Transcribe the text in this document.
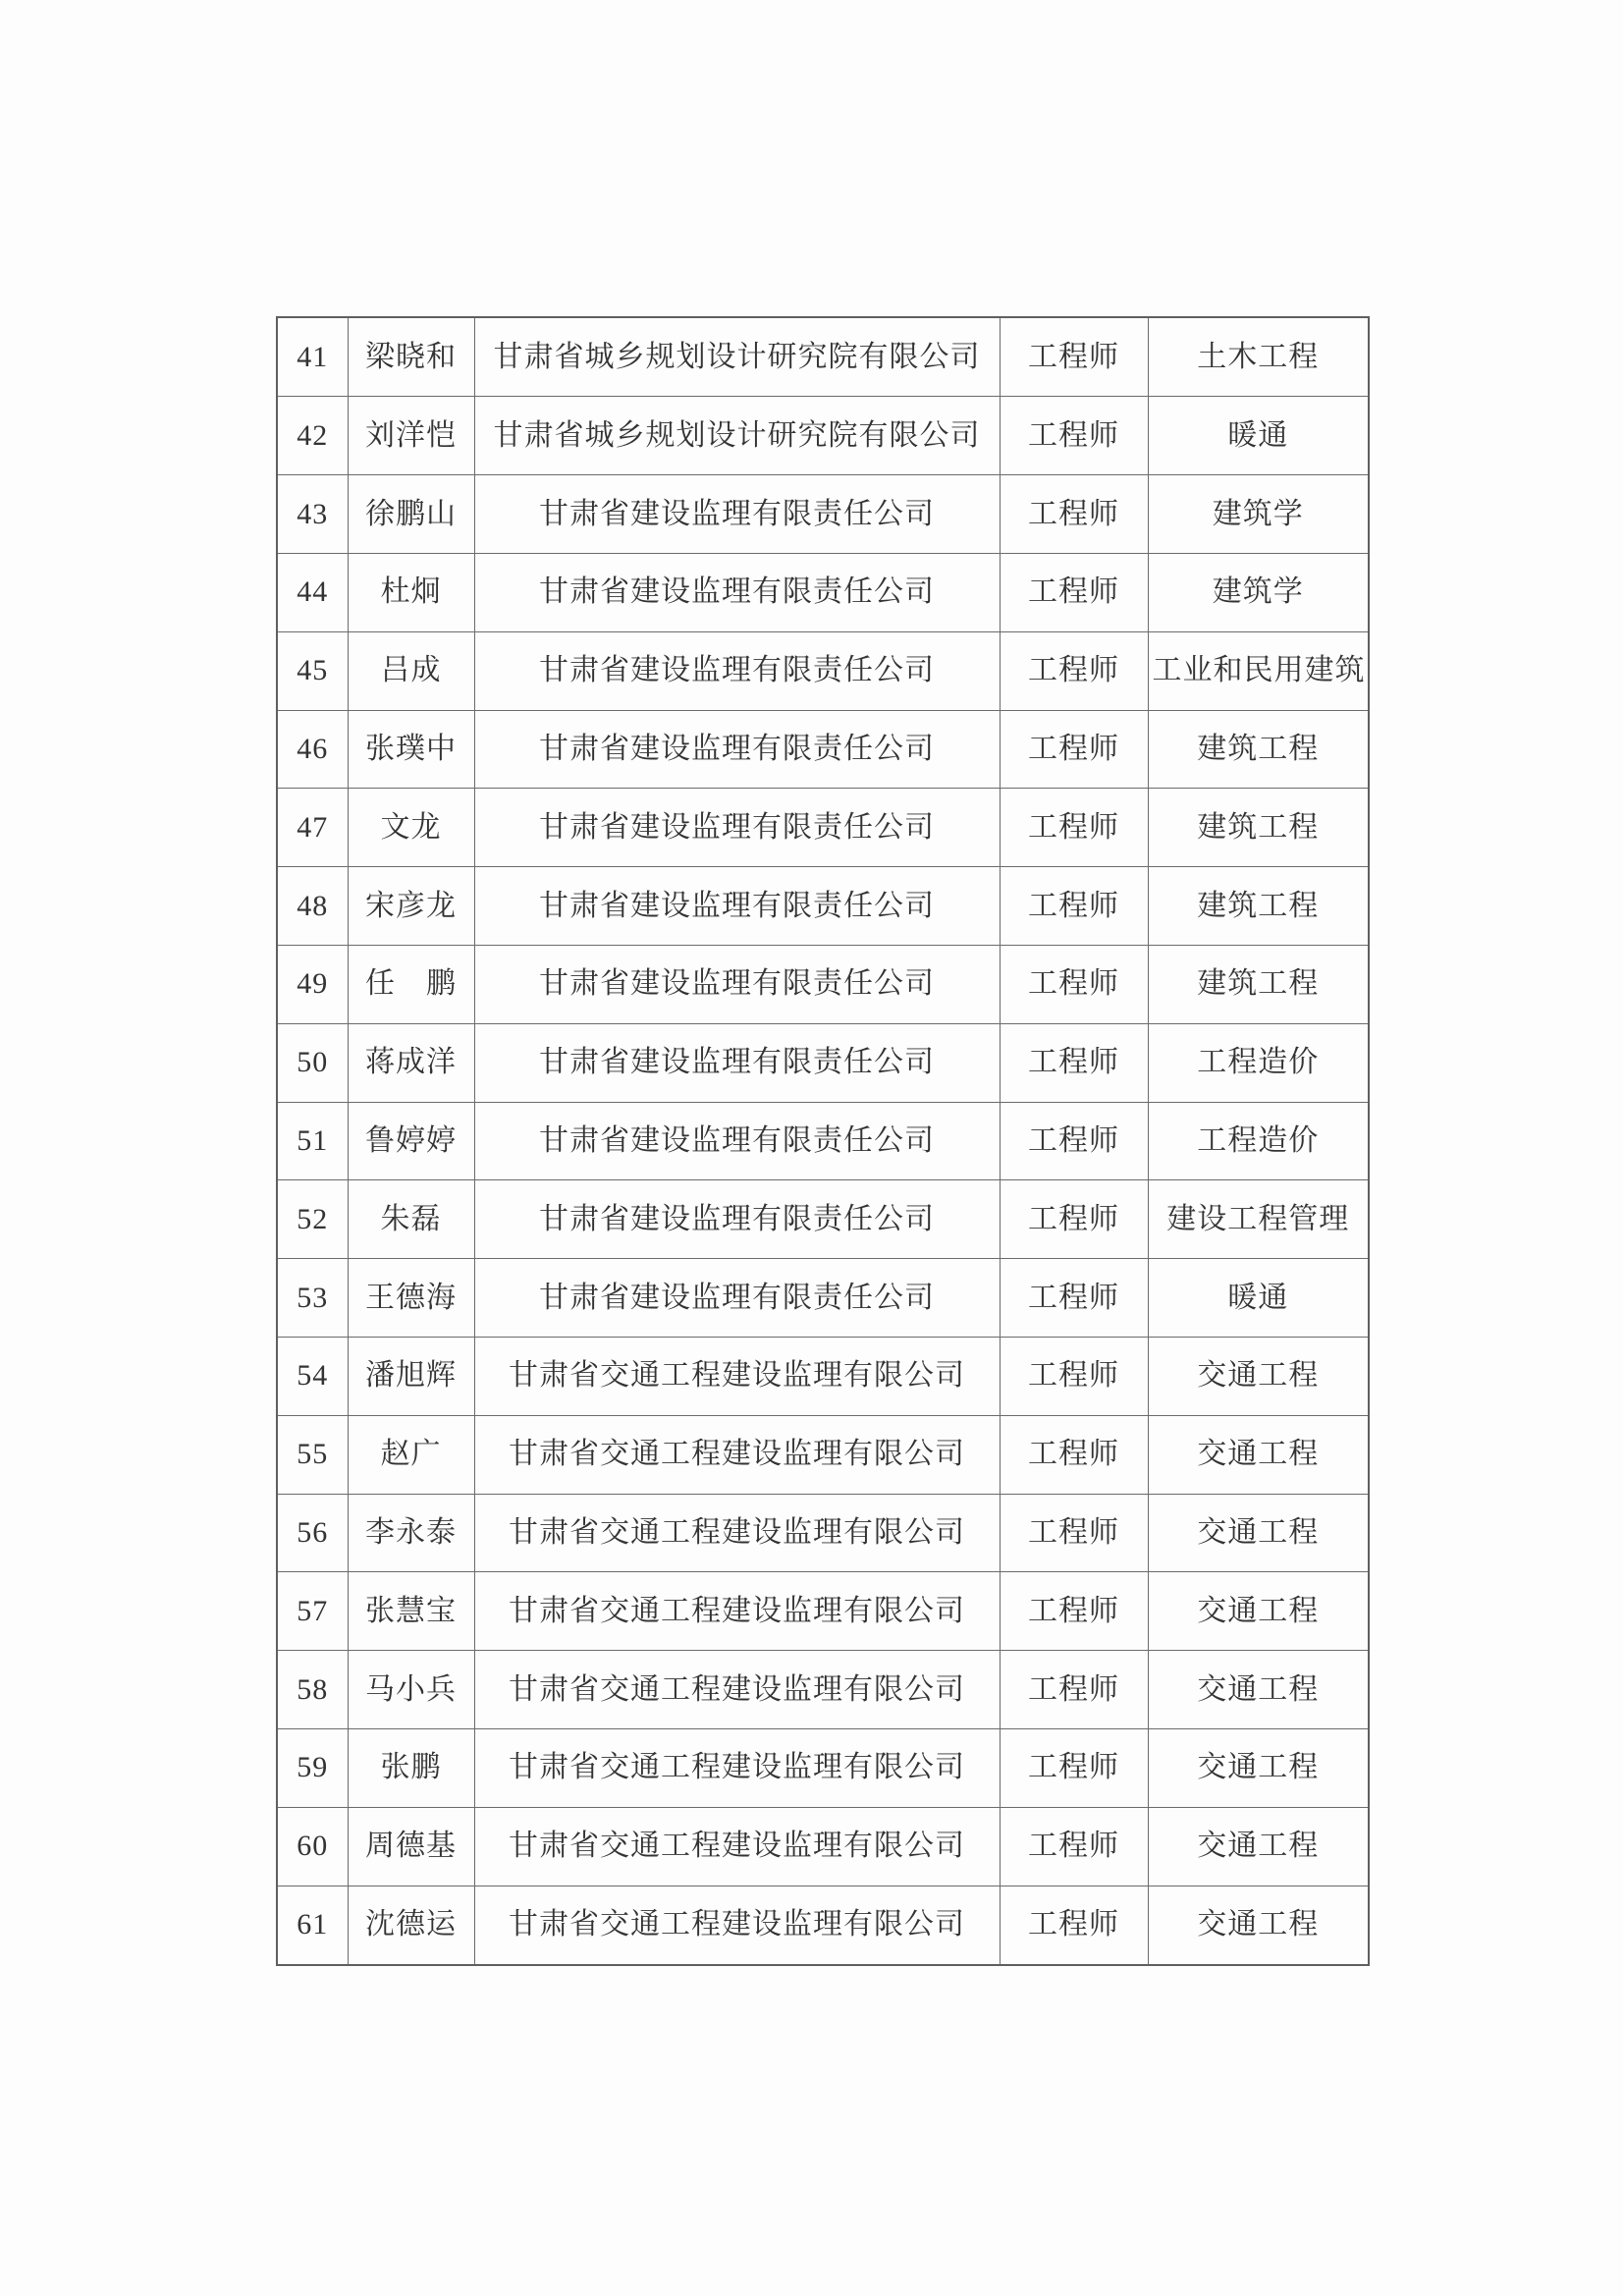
41	梁晓和	甘肃省城乡规划设计研究院有限公司	工程师	土木工程
42	刘洋恺	甘肃省城乡规划设计研究院有限公司	工程师	暖通
43	徐鹏山	甘肃省建设监理有限责任公司	工程师	建筑学
44	杜炯	甘肃省建设监理有限责任公司	工程师	建筑学
45	吕成	甘肃省建设监理有限责任公司	工程师	工业和民用建筑
46	张璞中	甘肃省建设监理有限责任公司	工程师	建筑工程
47	文龙	甘肃省建设监理有限责任公司	工程师	建筑工程
48	宋彦龙	甘肃省建设监理有限责任公司	工程师	建筑工程
49	任　鹏	甘肃省建设监理有限责任公司	工程师	建筑工程
50	蒋成洋	甘肃省建设监理有限责任公司	工程师	工程造价
51	鲁婷婷	甘肃省建设监理有限责任公司	工程师	工程造价
52	朱磊	甘肃省建设监理有限责任公司	工程师	建设工程管理
53	王德海	甘肃省建设监理有限责任公司	工程师	暖通
54	潘旭辉	甘肃省交通工程建设监理有限公司	工程师	交通工程
55	赵广	甘肃省交通工程建设监理有限公司	工程师	交通工程
56	李永泰	甘肃省交通工程建设监理有限公司	工程师	交通工程
57	张慧宝	甘肃省交通工程建设监理有限公司	工程师	交通工程
58	马小兵	甘肃省交通工程建设监理有限公司	工程师	交通工程
59	张鹏	甘肃省交通工程建设监理有限公司	工程师	交通工程
60	周德基	甘肃省交通工程建设监理有限公司	工程师	交通工程
61	沈德运	甘肃省交通工程建设监理有限公司	工程师	交通工程
